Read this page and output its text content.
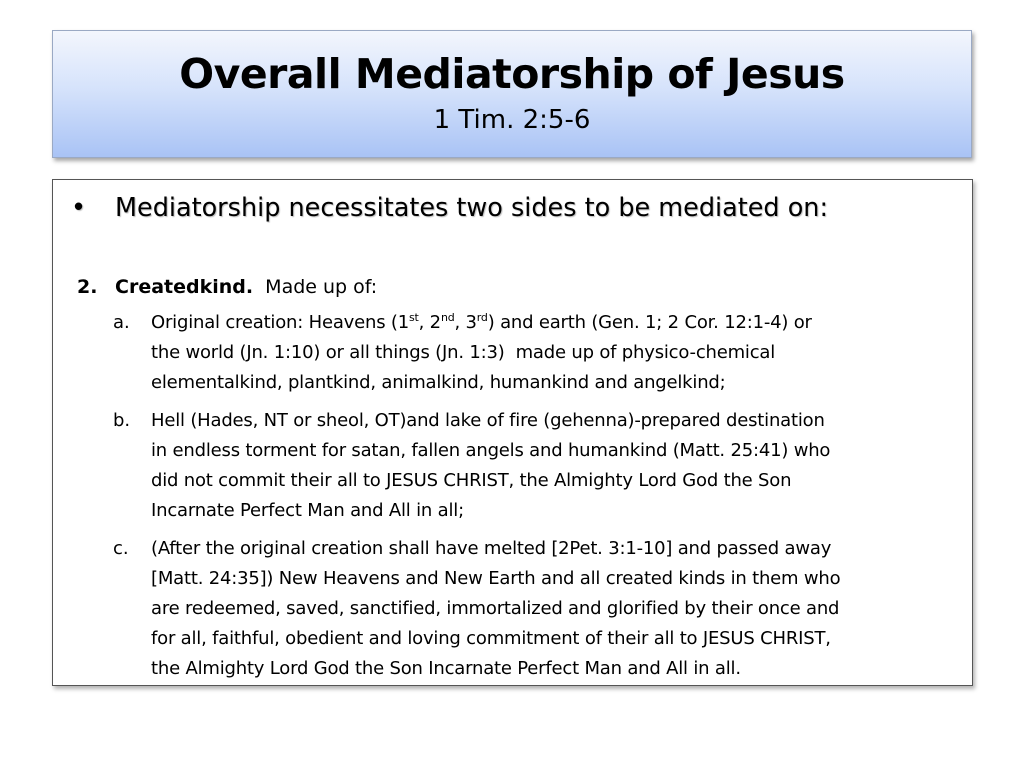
Overall Mediatorship of Jesus
1 Tim. 2:5-6
• Mediatorship necessitates two sides to be mediated on:
2. Createdkind.  Made up of:
a. Original creation: Heavens (1st, 2nd, 3rd) and earth (Gen. 1; 2 Cor. 12:1-4) or
the world (Jn. 1:10) or all things (Jn. 1:3)  made up of physico-chemical
elementalkind, plantkind, animalkind, humankind and angelkind;
b. Hell (Hades, NT or sheol, OT)and lake of fire (gehenna)-prepared destination
in endless torment for satan, fallen angels and humankind (Matt. 25:41) who
did not commit their all to JESUS CHRIST, the Almighty Lord God the Son
Incarnate Perfect Man and All in all;
c. (After the original creation shall have melted [2Pet. 3:1-10] and passed away
[Matt. 24:35]) New Heavens and New Earth and all created kinds in them who
are redeemed, saved, sanctified, immortalized and glorified by their once and
for all, faithful, obedient and loving commitment of their all to JESUS CHRIST,
the Almighty Lord God the Son Incarnate Perfect Man and All in all.
